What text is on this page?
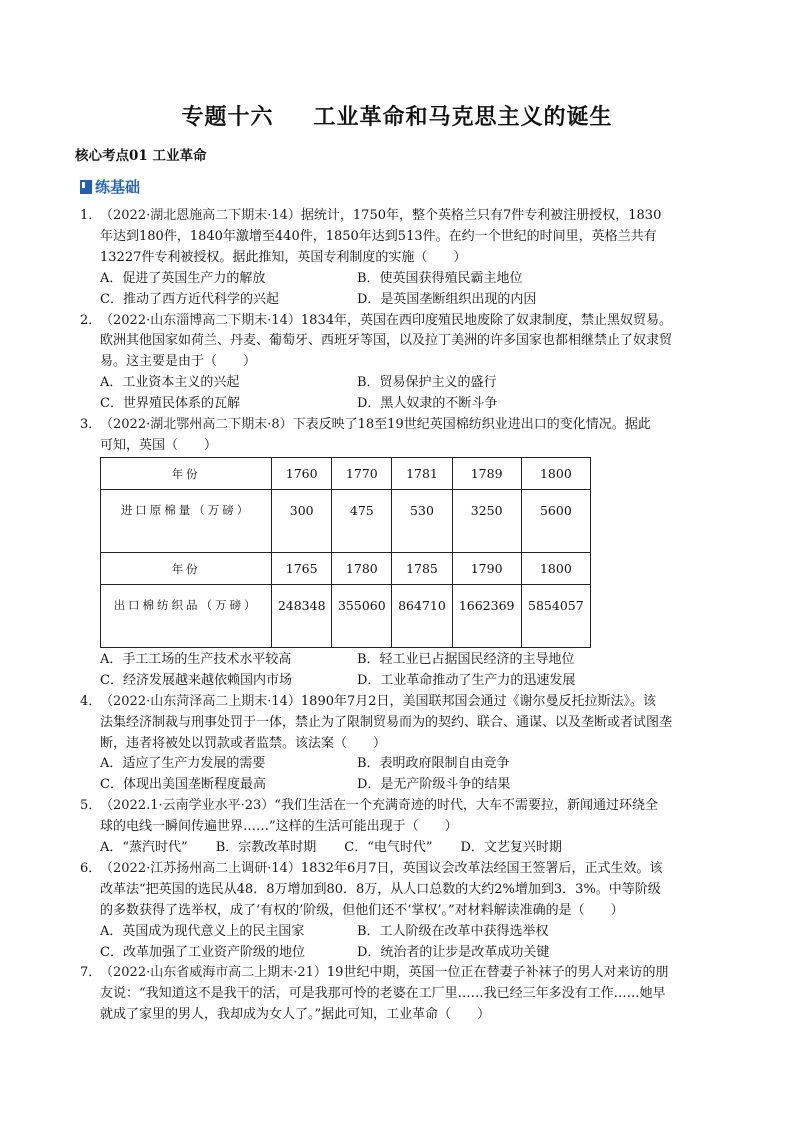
专题十六 工业革命和马克思主义的诞生
核心考点01 工业革命
练基础
1．（2022·湖北恩施高二下期末·14）据统计，1750年，整个英格兰只有7件专利被注册授权，1830
年达到180件，1840年激增至440件，1850年达到513件。在约一个世纪的时间里，英格兰共有
13227件专利被授权。据此推知，英国专利制度的实施（　　）
A．促进了英国生产力的解放	B．使英国获得殖民霸主地位
C．推动了西方近代科学的兴起	D．是英国垄断组织出现的内因
2．（2022·山东淄博高二下期末·14）1834年，英国在西印度殖民地废除了奴隶制度，禁止黑奴贸易。
欧洲其他国家如荷兰、丹麦、葡萄牙、西班牙等国，以及拉丁美洲的许多国家也都相继禁止了奴隶贸
易。这主要是由于（　　）
A．工业资本主义的兴起	B．贸易保护主义的盛行
C．世界殖民体系的瓦解	D．黑人奴隶的不断斗争
3．（2022·湖北鄂州高二下期末·8）下表反映了18至19世纪英国棉纺织业进出口的变化情况。据此
可知，英国（　　）
年份	1760	1770	1781	1789	1800
进口原棉量（万磅）	300	475	530	3250	5600
年份	1765	1780	1785	1790	1800
出口棉纺织品（万磅）	248348	355060	864710	1662369	5854057
A．手工工场的生产技术水平较高	B．轻工业已占据国民经济的主导地位
C．经济发展越来越依赖国内市场	D．工业革命推动了生产力的迅速发展
4．（2022·山东菏泽高二上期末·14）1890年7月2日，美国联邦国会通过《谢尔曼反托拉斯法》。该
法集经济制裁与刑事处罚于一体，禁止为了限制贸易而为的契约、联合、通谋、以及垄断或者试图垄
断，违者将被处以罚款或者监禁。该法案（　　）
A．适应了生产力发展的需要	B．表明政府限制自由竞争
C．体现出美国垄断程度最高	D．是无产阶级斗争的结果
5．（2022.1·云南学业水平·23）“我们生活在一个充满奇迹的时代，大车不需要拉，新闻通过环绕全
球的电线一瞬间传遍世界……”这样的生活可能出现于（　　）
A．“蒸汽时代” B．宗教改革时期 C．“电气时代” D．文艺复兴时期
6．（2022·江苏扬州高二上调研·14）1832年6月7日，英国议会改革法经国王签署后，正式生效。该
改革法“把英国的选民从48．8万增加到80．8万，从人口总数的大约2%增加到3．3%。中等阶级
的多数获得了选举权，成了‘有权的’阶级，但他们还不‘掌权’。”对材料解读准确的是（　　）
A．英国成为现代意义上的民主国家	B．工人阶级在改革中获得选举权
C．改革加强了工业资产阶级的地位	D．统治者的让步是改革成功关键
7．（2022·山东省威海市高二上期末·21）19世纪中期，英国一位正在替妻子补袜子的男人对来访的朋
友说：“我知道这不是我干的活，可是我那可怜的老婆在工厂里……我已经三年多没有工作……她早
就成了家里的男人，我却成为女人了。”据此可知，工业革命（　　）
